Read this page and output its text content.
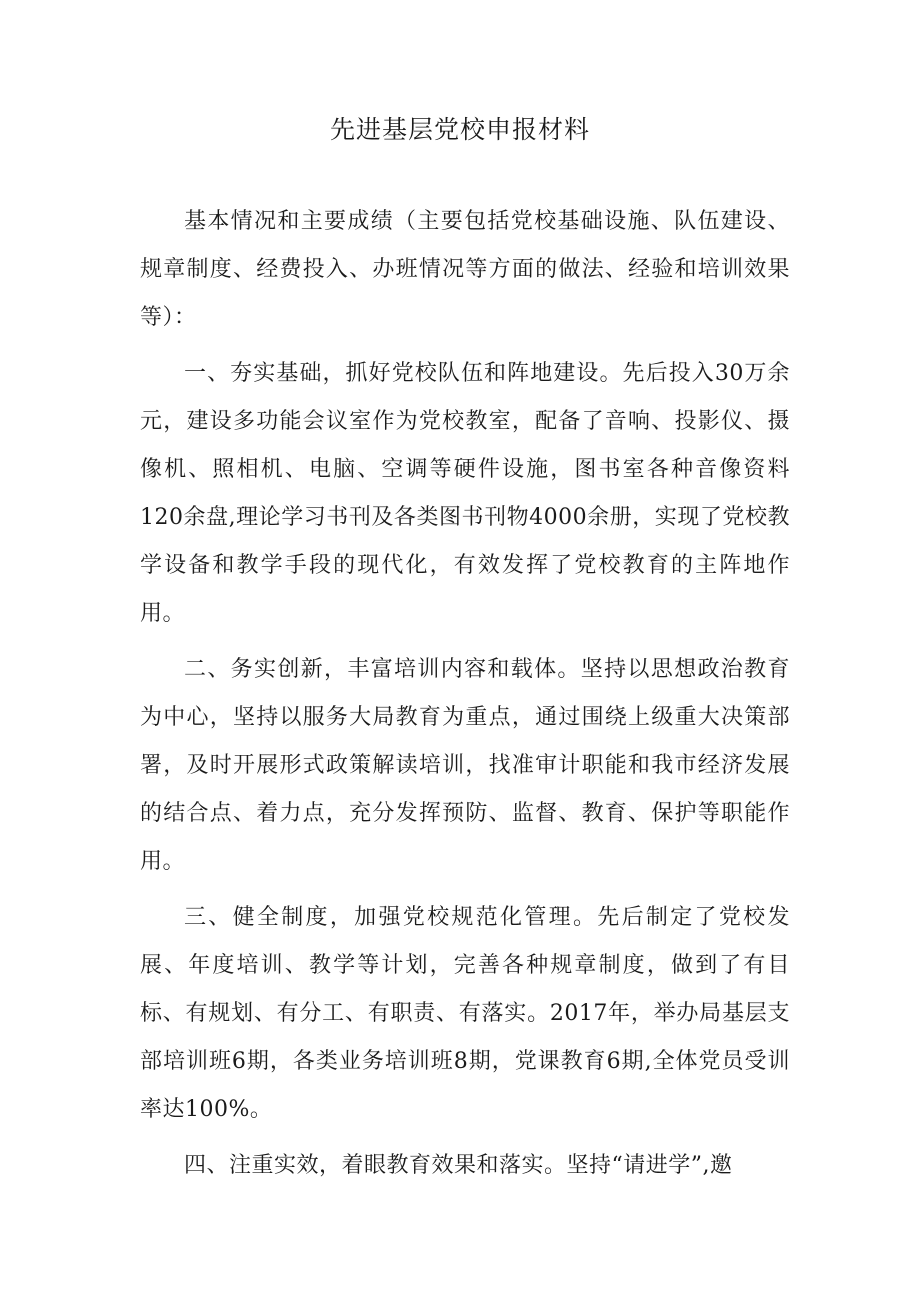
先进基层党校申报材料

基本情况和主要成绩（主要包括党校基础设施、队伍建设、规章制度、经费投入、办班情况等方面的做法、经验和培训效果等）：

一、夯实基础，抓好党校队伍和阵地建设。先后投入30万余元，建设多功能会议室作为党校教室，配备了音响、投影仪、摄像机、照相机、电脑、空调等硬件设施，图书室各种音像资料120余盘,理论学习书刊及各类图书刊物4000余册，实现了党校教学设备和教学手段的现代化，有效发挥了党校教育的主阵地作用。

二、务实创新，丰富培训内容和载体。坚持以思想政治教育为中心，坚持以服务大局教育为重点，通过围绕上级重大决策部署，及时开展形式政策解读培训，找准审计职能和我市经济发展的结合点、着力点，充分发挥预防、监督、教育、保护等职能作用。

三、健全制度，加强党校规范化管理。先后制定了党校发展、年度培训、教学等计划，完善各种规章制度，做到了有目标、有规划、有分工、有职责、有落实。2017年，举办局基层支部培训班6期，各类业务培训班8期，党课教育6期,全体党员受训率达100%。

四、注重实效，着眼教育效果和落实。坚持“请进学”,邀
